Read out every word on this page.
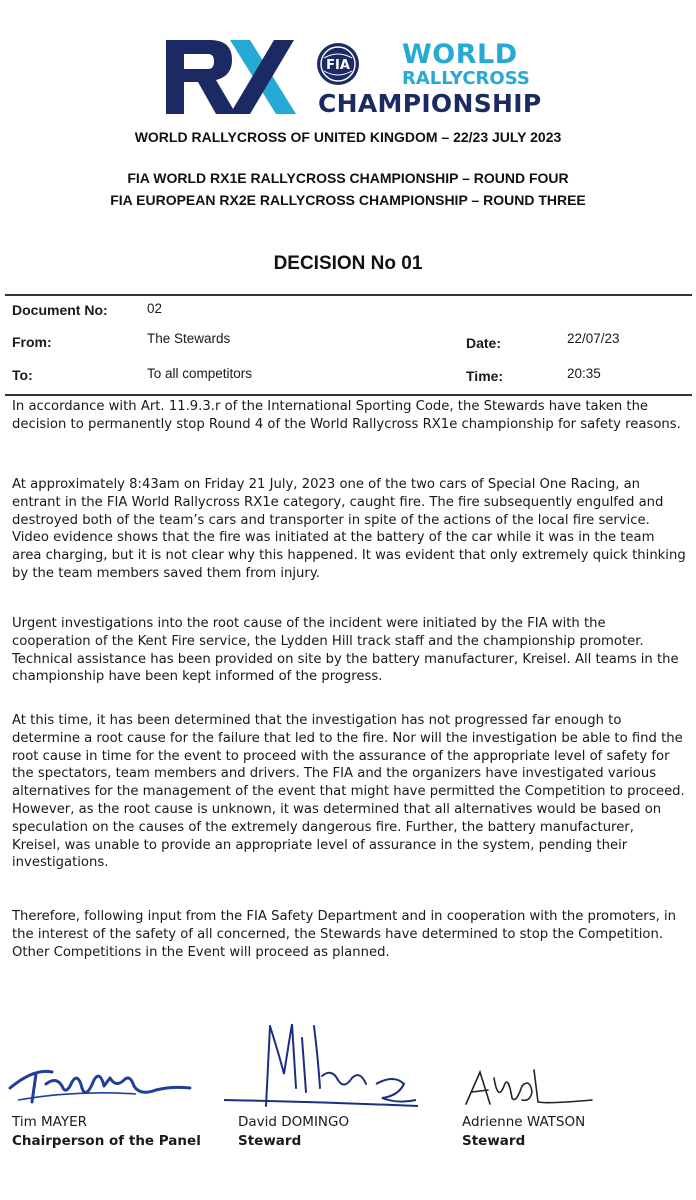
FIA WORLD
RALLYCROSS
CHAMPIONSHIP
WORLD RALLYCROSS OF UNITED KINGDOM – 22/23 JULY 2023
FIA WORLD RX1E RALLYCROSS CHAMPIONSHIP – ROUND FOUR
FIA EUROPEAN RX2E RALLYCROSS CHAMPIONSHIP – ROUND THREE
DECISION No 01
Document No:	02
From:	The Stewards	Date:	22/07/23
To:	To all competitors	Time:	20:35

In accordance with Art. 11.9.3.r of the International Sporting Code, the Stewards have taken the decision to permanently stop Round 4 of the World Rallycross RX1e championship for safety reasons.

At approximately 8:43am on Friday 21 July, 2023 one of the two cars of Special One Racing, an entrant in the FIA World Rallycross RX1e category, caught fire. The fire subsequently engulfed and destroyed both of the team’s cars and transporter in spite of the actions of the local fire service. Video evidence shows that the fire was initiated at the battery of the car while it was in the team area charging, but it is not clear why this happened. It was evident that only extremely quick thinking by the team members saved them from injury.

Urgent investigations into the root cause of the incident were initiated by the FIA with the cooperation of the Kent Fire service, the Lydden Hill track staff and the championship promoter. Technical assistance has been provided on site by the battery manufacturer, Kreisel. All teams in the championship have been kept informed of the progress.

At this time, it has been determined that the investigation has not progressed far enough to determine a root cause for the failure that led to the fire. Nor will the investigation be able to find the root cause in time for the event to proceed with the assurance of the appropriate level of safety for the spectators, team members and drivers. The FIA and the organizers have investigated various alternatives for the management of the event that might have permitted the Competition to proceed. However, as the root cause is unknown, it was determined that all alternatives would be based on speculation on the causes of the extremely dangerous fire. Further, the battery manufacturer, Kreisel, was unable to provide an appropriate level of assurance in the system, pending their investigations.

Therefore, following input from the FIA Safety Department and in cooperation with the promoters, in the interest of the safety of all concerned, the Stewards have determined to stop the Competition. Other Competitions in the Event will proceed as planned.

Tim MAYER
Chairperson of the Panel
David DOMINGO
Steward
Adrienne WATSON
Steward
